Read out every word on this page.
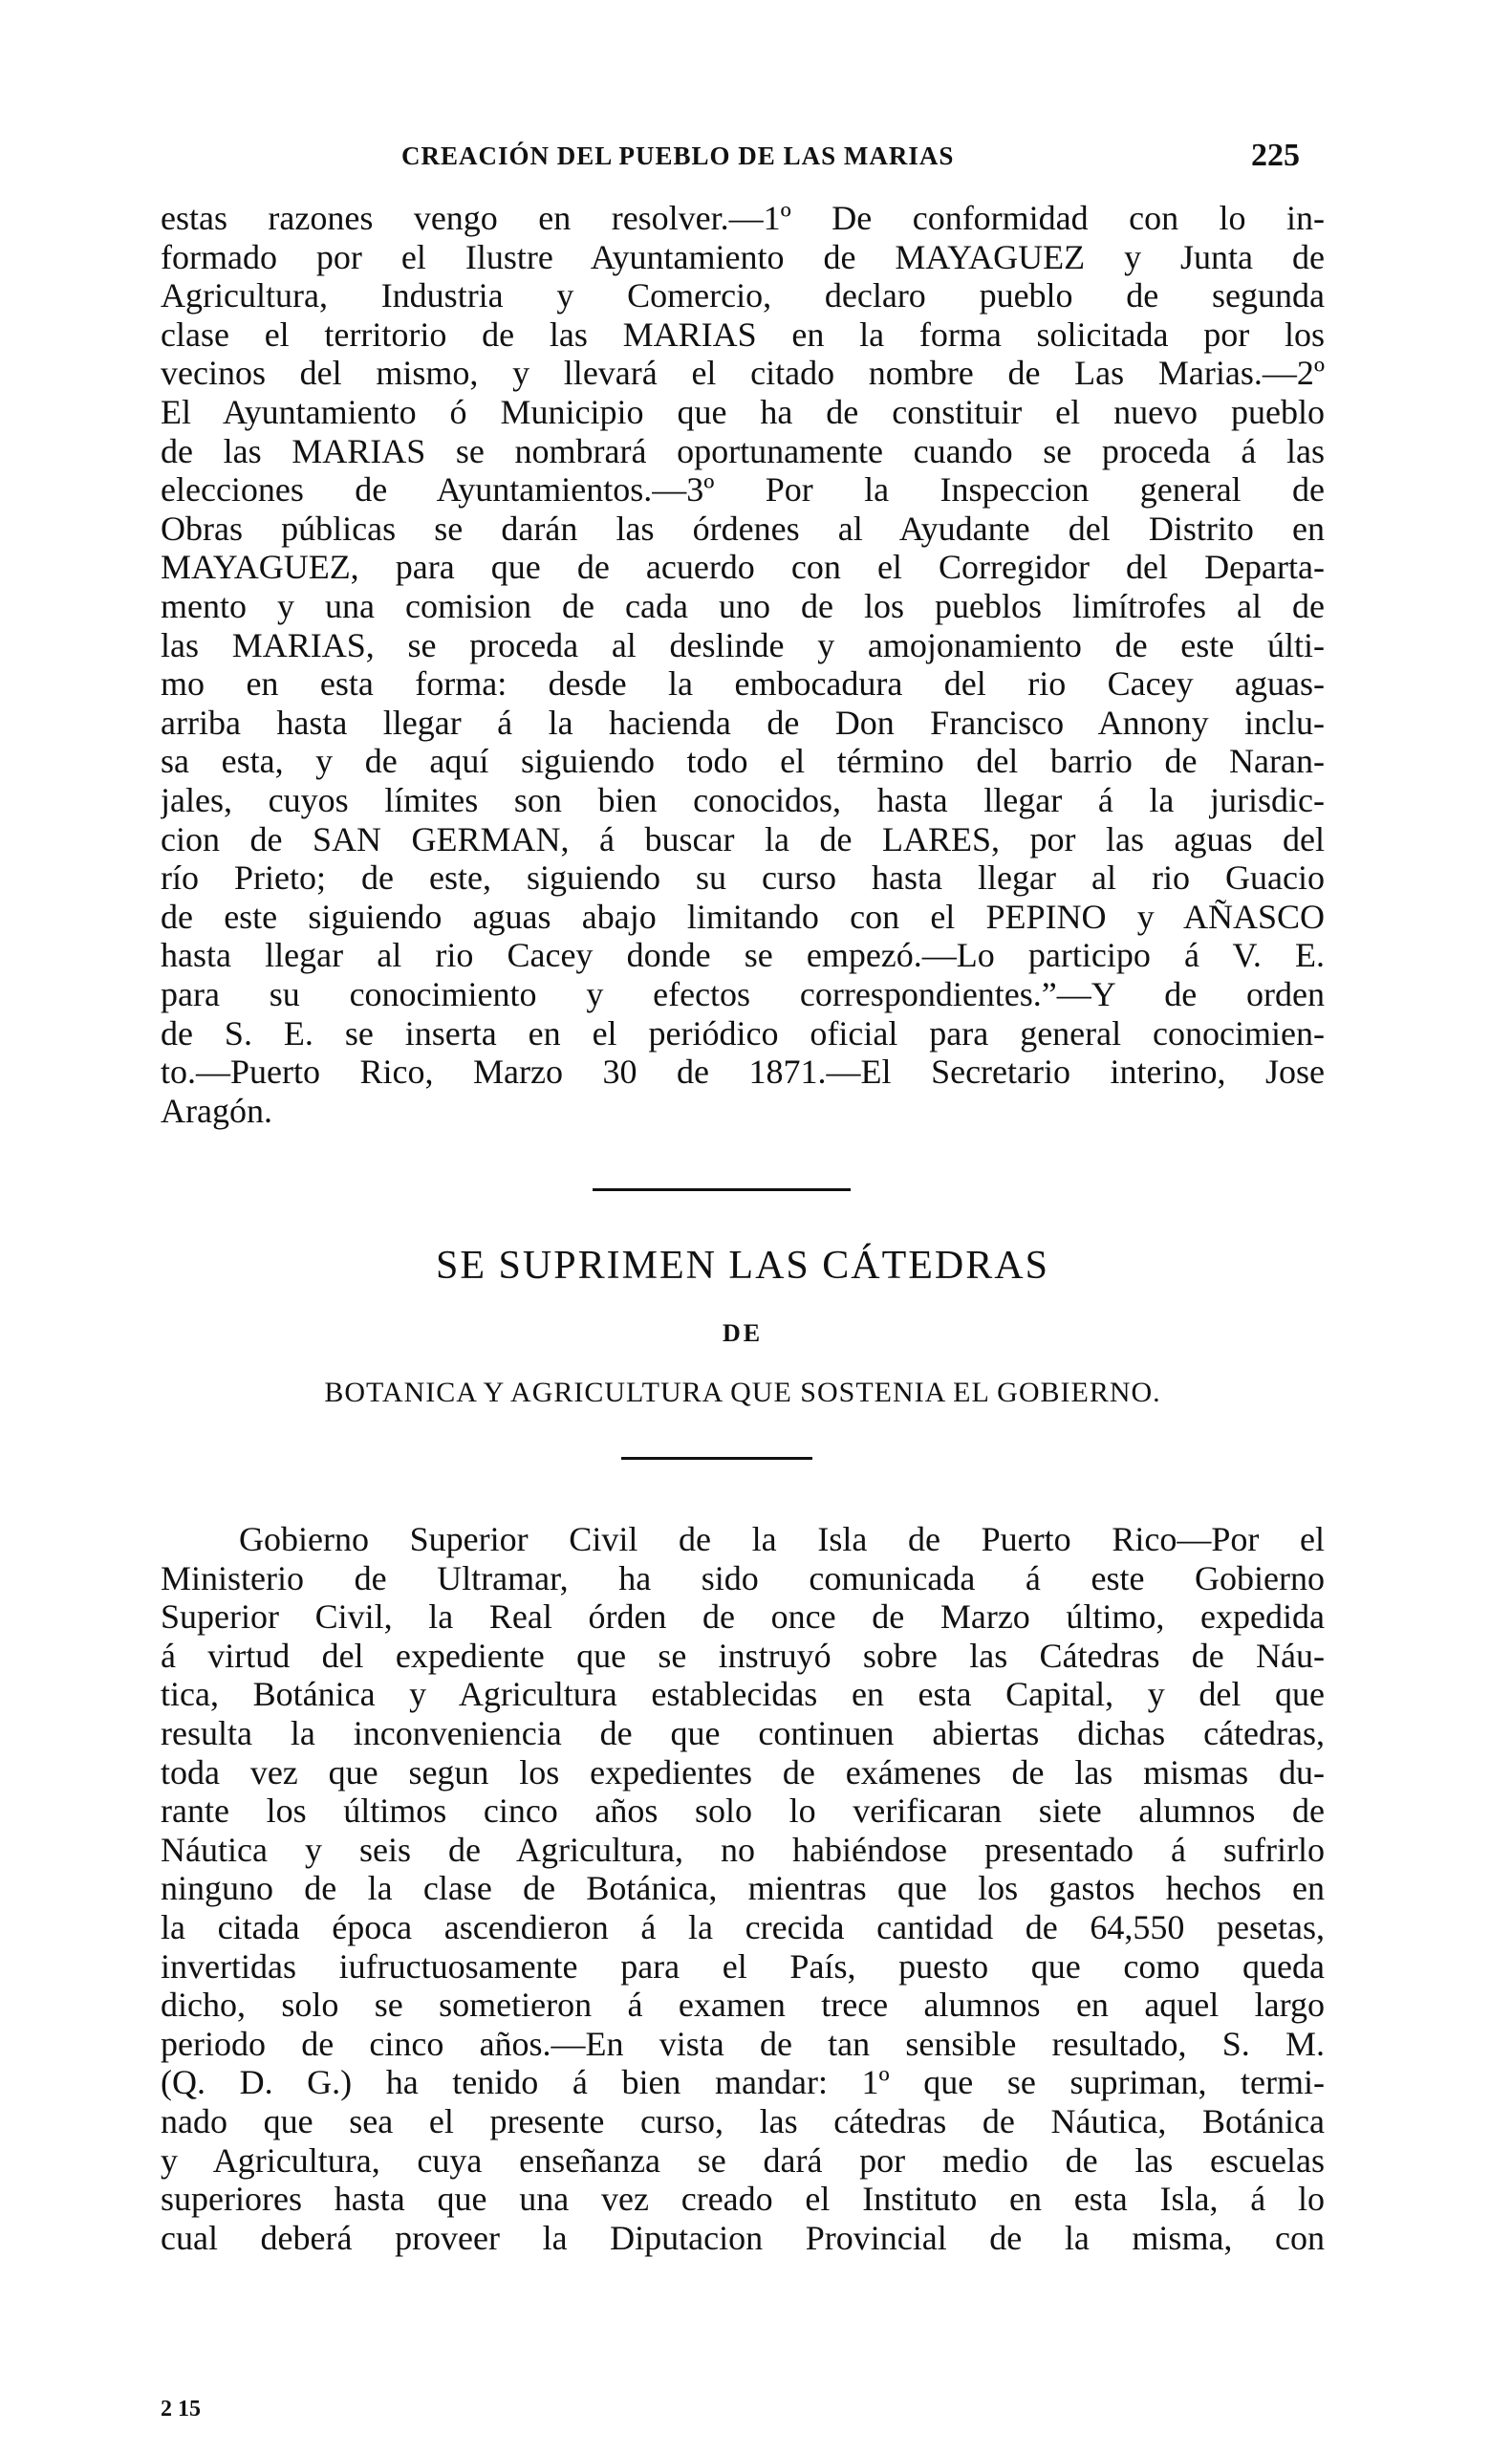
CREACIÓN DEL PUEBLO DE LAS MARIAS	225
estas razones vengo en resolver.—1º De conformidad con lo in-
formado por el Ilustre Ayuntamiento de MAYAGUEZ y Junta de
Agricultura, Industria y Comercio, declaro pueblo de segunda
clase el territorio de las MARIAS en la forma solicitada por los
vecinos del mismo, y llevará el citado nombre de Las Marias.—2º
El Ayuntamiento ó Municipio que ha de constituir el nuevo pueblo
de las MARIAS se nombrará oportunamente cuando se proceda á las
elecciones de Ayuntamientos.—3º Por la Inspeccion general de
Obras públicas se darán las órdenes al Ayudante del Distrito en
MAYAGUEZ, para que de acuerdo con el Corregidor del Departa-
mento y una comision de cada uno de los pueblos limítrofes al de
las MARIAS, se proceda al deslinde y amojonamiento de este últi-
mo en esta forma: desde la embocadura del rio Cacey aguas-
arriba hasta llegar á la hacienda de Don Francisco Annony inclu-
sa esta, y de aquí siguiendo todo el término del barrio de Naran-
jales, cuyos límites son bien conocidos, hasta llegar á la jurisdic-
cion de SAN GERMAN, á buscar la de LARES, por las aguas del
río Prieto; de este, siguiendo su curso hasta llegar al rio Guacio
de este siguiendo aguas abajo limitando con el PEPINO y AÑASCO
hasta llegar al rio Cacey donde se empezó.—Lo participo á V. E.
para su conocimiento y efectos correspondientes.”—Y de orden
de S. E. se inserta en el periódico oficial para general conocimien-
to.—Puerto Rico, Marzo 30 de 1871.—El Secretario interino, Jose
Aragón.
SE SUPRIMEN LAS CÁTEDRAS
DE
BOTANICA Y AGRICULTURA QUE SOSTENIA EL GOBIERNO.
Gobierno Superior Civil de la Isla de Puerto Rico—Por el
Ministerio de Ultramar, ha sido comunicada á este Gobierno
Superior Civil, la Real órden de once de Marzo último, expedida
á virtud del expediente que se instruyó sobre las Cátedras de Náu-
tica, Botánica y Agricultura establecidas en esta Capital, y del que
resulta la inconveniencia de que continuen abiertas dichas cátedras,
toda vez que segun los expedientes de exámenes de las mismas du-
rante los últimos cinco años solo lo verificaran siete alumnos de
Náutica y seis de Agricultura, no habiéndose presentado á sufrirlo
ninguno de la clase de Botánica, mientras que los gastos hechos en
la citada época ascendieron á la crecida cantidad de 64,550 pesetas,
invertidas iufructuosamente para el País, puesto que como queda
dicho, solo se sometieron á examen trece alumnos en aquel largo
periodo de cinco años.—En vista de tan sensible resultado, S. M.
(Q. D. G.) ha tenido á bien mandar: 1º que se supriman, termi-
nado que sea el presente curso, las cátedras de Náutica, Botánica
y Agricultura, cuya enseñanza se dará por medio de las escuelas
superiores hasta que una vez creado el Instituto en esta Isla, á lo
cual deberá proveer la Diputacion Provincial de la misma, con
2 15
